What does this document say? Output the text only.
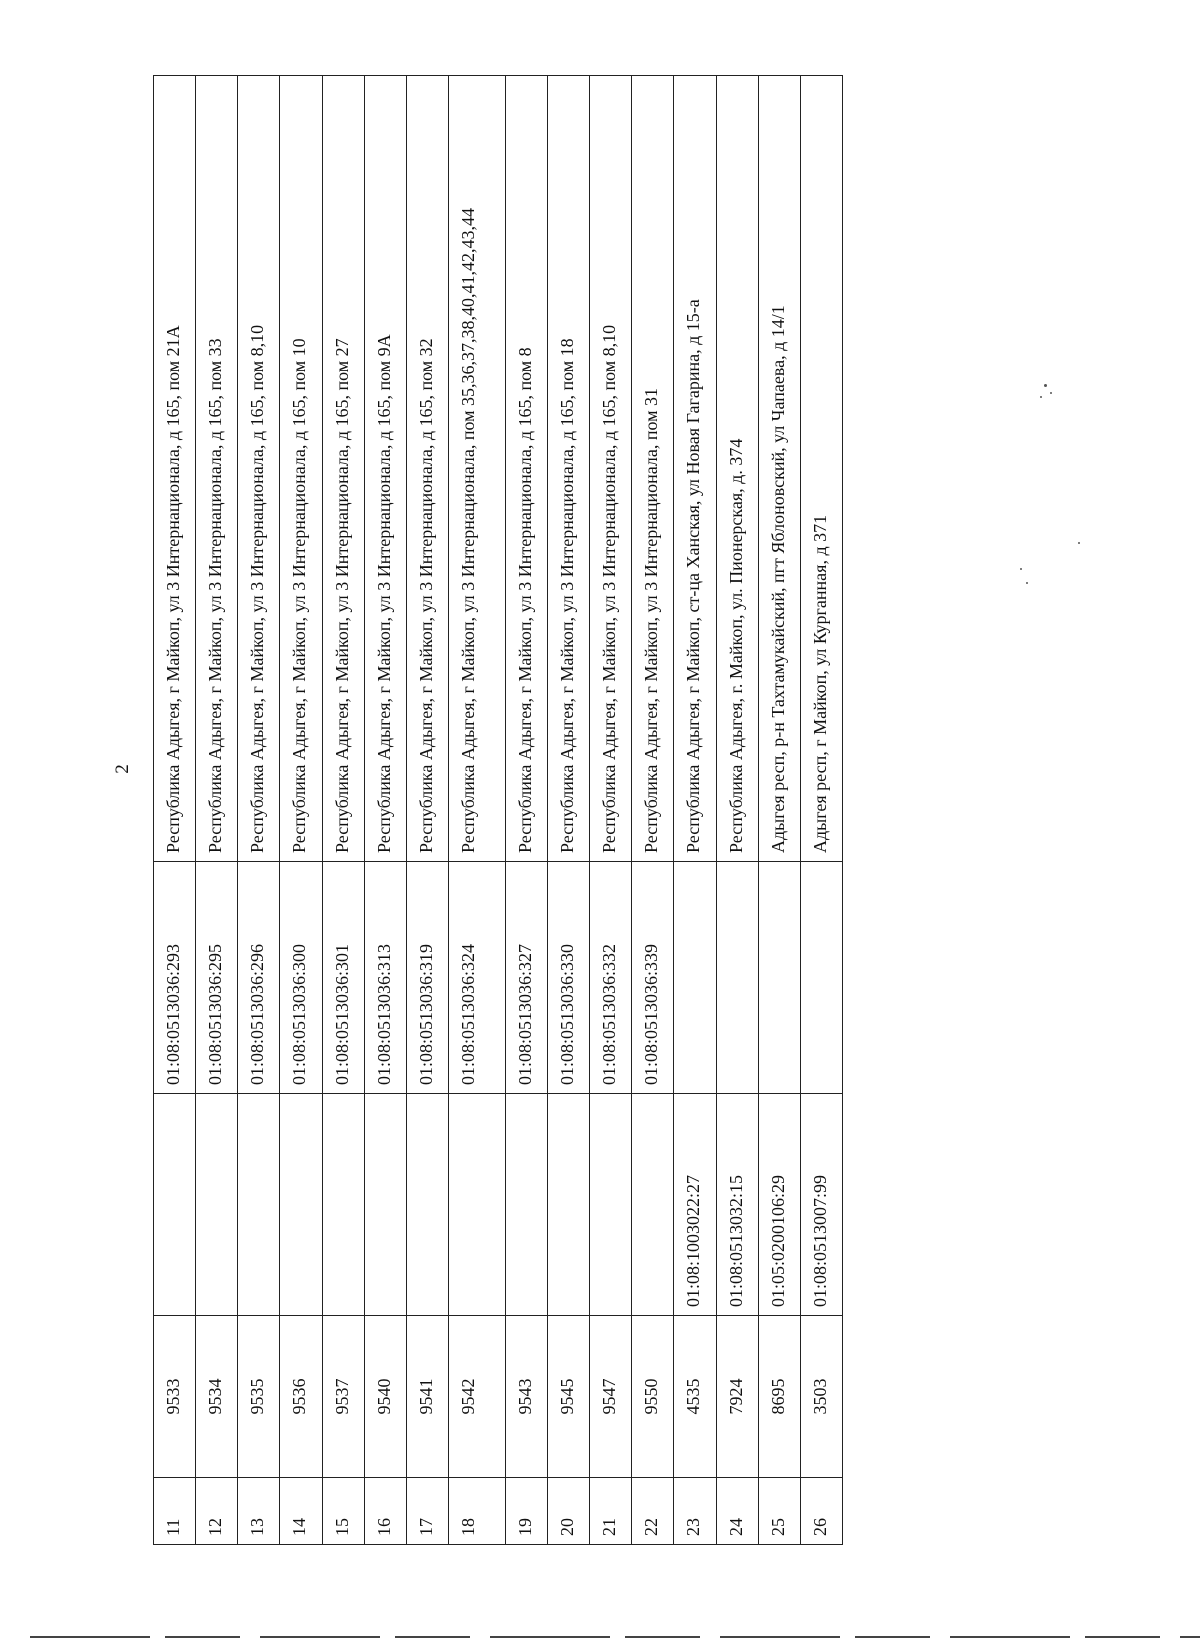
2
11	9533		01:08:0513036:293	Республика Адыгея, г Майкоп, ул 3 Интернационала, д 165, пом 21А

12	9534		01:08:0513036:295	Республика Адыгея, г Майкоп, ул 3 Интернационала, д 165, пом 33

13	9535		01:08:0513036:296	Республика Адыгея, г Майкоп, ул 3 Интернационала, д 165, пом 8,10

14	9536		01:08:0513036:300	Республика Адыгея, г Майкоп, ул 3 Интернационала, д 165, пом 10

15	9537		01:08:0513036:301	Республика Адыгея, г Майкоп, ул 3 Интернационала, д 165, пом 27

16	9540		01:08:0513036:313	Республика Адыгея, г Майкоп, ул 3 Интернационала, д 165, пом 9А

17	9541		01:08:0513036:319	Республика Адыгея, г Майкоп, ул 3 Интернационала, д 165, пом 32

18	9542		01:08:0513036:324	Республика Адыгея, г Майкоп, ул 3 Интернационала, пом 35,36,37,38,40,41,42,43,44

19	9543		01:08:0513036:327	Республика Адыгея, г Майкоп, ул 3 Интернационала, д 165, пом 8

20	9545		01:08:0513036:330	Республика Адыгея, г Майкоп, ул 3 Интернационала, д 165, пом 18

21	9547		01:08:0513036:332	Республика Адыгея, г Майкоп, ул 3 Интернационала, д 165, пом 8,10

22	9550		01:08:0513036:339	Республика Адыгея, г Майкоп, ул 3 Интернационала, пом 31

23	4535	01:08:1003022:27		Республика Адыгея, г Майкоп, ст-ца Ханская, ул Новая Гагарина, д 15-а

24	7924	01:08:0513032:15		Республика Адыгея, г. Майкоп, ул. Пионерская, д. 374

25	8695	01:05:0200106:29		Адыгея респ, р-н Тахтамукайский, пгт Яблоновский, ул Чапаева, д 14/1

26	3503	01:08:0513007:99		Адыгея респ, г Майкоп, ул Курганная, д 371
